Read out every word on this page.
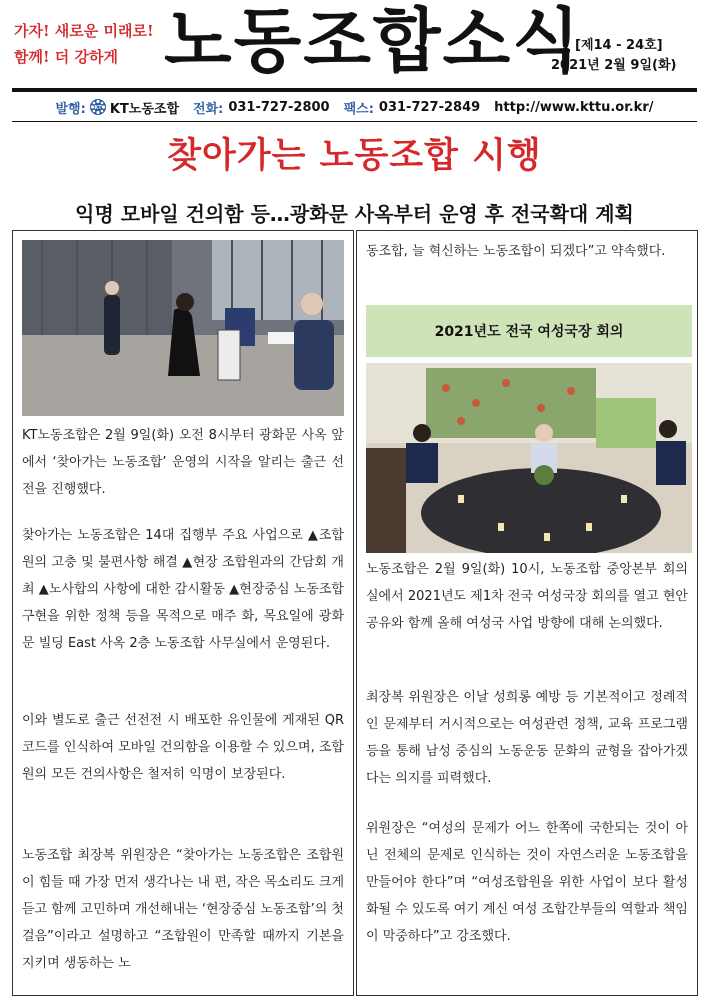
가자! 새로운 미래로!
함께! 더 강하게 노동조합소식
[제14 - 24호]
2021년 2월 9일(화)
발행: KT KT노동조합 전화: 031-727-2800 팩스: 031-727-2849 http://www.kttu.or.kr/
찾아가는 노동조합 시행
익명 모바일 건의함 등…광화문 사옥부터 운영 후 전국확대 계획
KT노동조합은 2월 9일(화) 오전 8시부터 광화문 사옥 앞에서 ‘찾아가는 노동조합’ 운영의 시작을 알리는 출근 선전을 진행했다.
찾아가는 노동조합은 14대 집행부 주요 사업으로 ▲조합원의 고충 및 불편사항 해결 ▲현장 조합원과의 간담회 개최 ▲노사합의 사항에 대한 감시활동 ▲현장중심 노동조합 구현을 위한 정책 등을 목적으로 매주 화, 목요일에 광화문 빌딩 East 사옥 2층 노동조합 사무실에서 운영된다.
이와 별도로 출근 선전전 시 배포한 유인물에 게재된 QR코드를 인식하여 모바일 건의함을 이용할 수 있으며, 조합원의 모든 건의사항은 철저히 익명이 보장된다.
노동조합 최장복 위원장은 “찾아가는 노동조합은 조합원이 힘들 때 가장 먼저 생각나는 내 편, 작은 목소리도 크게 듣고 함께 고민하며 개선해내는 ‘현장중심 노동조합’의 첫 걸음”이라고 설명하고 “조합원이 만족할 때까지 기본을 지키며 생동하는 노
동조합, 늘 혁신하는 노동조합이 되겠다”고 약속했다.
2021년도 전국 여성국장 회의
노동조합은 2월 9일(화) 10시, 노동조합 중앙본부 회의실에서 2021년도 제1차 전국 여성국장 회의를 열고 현안 공유와 함께 올해 여성국 사업 방향에 대해 논의했다.
최장복 위원장은 이날 성희롱 예방 등 기본적이고 정례적인 문제부터 거시적으로는 여성관련 정책, 교육 프로그램 등을 통해 남성 중심의 노동운동 문화의 균형을 잡아가겠다는 의지를 피력했다.
위원장은 “여성의 문제가 어느 한쪽에 국한되는 것이 아닌 전체의 문제로 인식하는 것이 자연스러운 노동조합을 만들어야 한다”며 “여성조합원을 위한 사업이 보다 활성화될 수 있도록 여기 계신 여성 조합간부들의 역할과 책임이 막중하다”고 강조했다.
